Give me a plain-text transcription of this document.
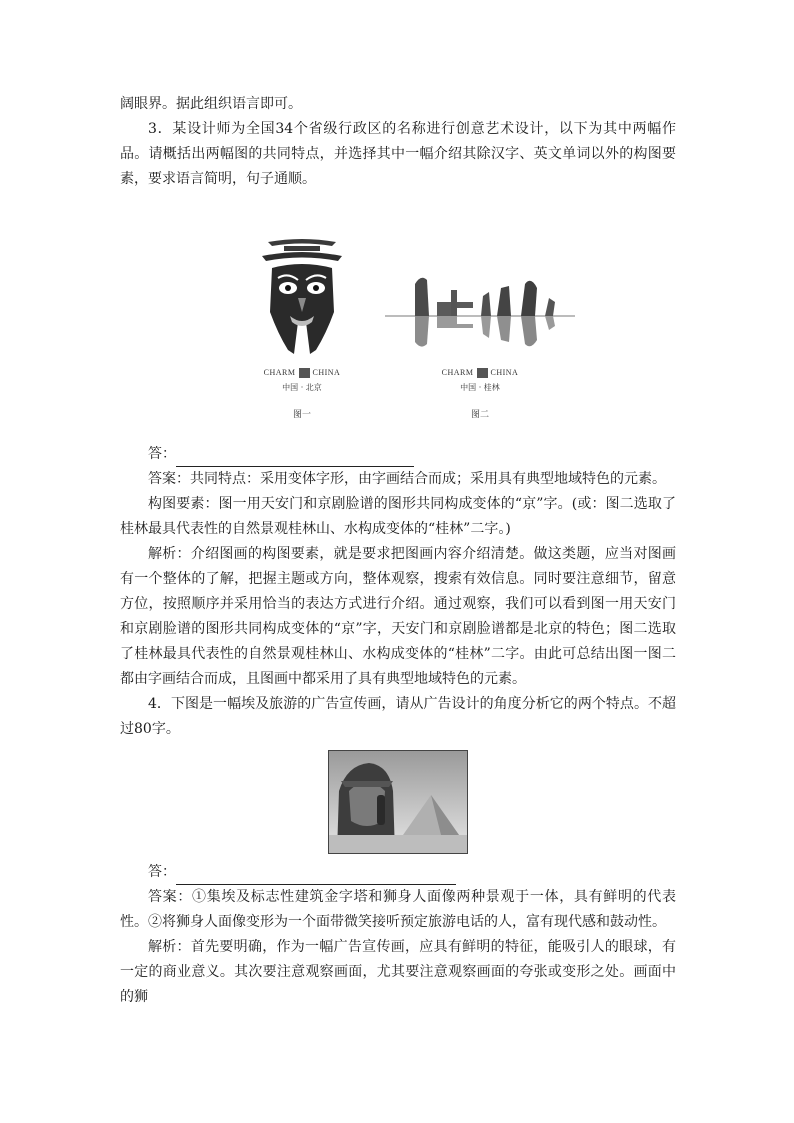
阔眼界。据此组织语言即可。

3．某设计师为全国34个省级行政区的名称进行创意艺术设计，以下为其中两幅作品。请概括出两幅图的共同特点，并选择其中一幅介绍其除汉字、英文单词以外的构图要素，要求语言简明，句子通顺。

CHARM CHINA
中国 · 北京
图一
CHARM CHINA
中国 · 桂林
图二

答：

答案：共同特点：采用变体字形，由字画结合而成；采用具有典型地域特色的元素。

构图要素：图一用天安门和京剧脸谱的图形共同构成变体的“京”字。(或：图二选取了桂林最具代表性的自然景观桂林山、水构成变体的“桂林”二字。)

解析：介绍图画的构图要素，就是要求把图画内容介绍清楚。做这类题，应当对图画有一个整体的了解，把握主题或方向，整体观察，搜索有效信息。同时要注意细节，留意方位，按照顺序并采用恰当的表达方式进行介绍。通过观察，我们可以看到图一用天安门和京剧脸谱的图形共同构成变体的“京”字，天安门和京剧脸谱都是北京的特色；图二选取了桂林最具代表性的自然景观桂林山、水构成变体的“桂林”二字。由此可总结出图一图二都由字画结合而成，且图画中都采用了具有典型地域特色的元素。

4．下图是一幅埃及旅游的广告宣传画，请从广告设计的角度分析它的两个特点。不超过80字。

答：

答案：①集埃及标志性建筑金字塔和狮身人面像两种景观于一体，具有鲜明的代表性。②将狮身人面像变形为一个面带微笑接听预定旅游电话的人，富有现代感和鼓动性。

解析：首先要明确，作为一幅广告宣传画，应具有鲜明的特征，能吸引人的眼球，有一定的商业意义。其次要注意观察画面，尤其要注意观察画面的夸张或变形之处。画面中的狮
